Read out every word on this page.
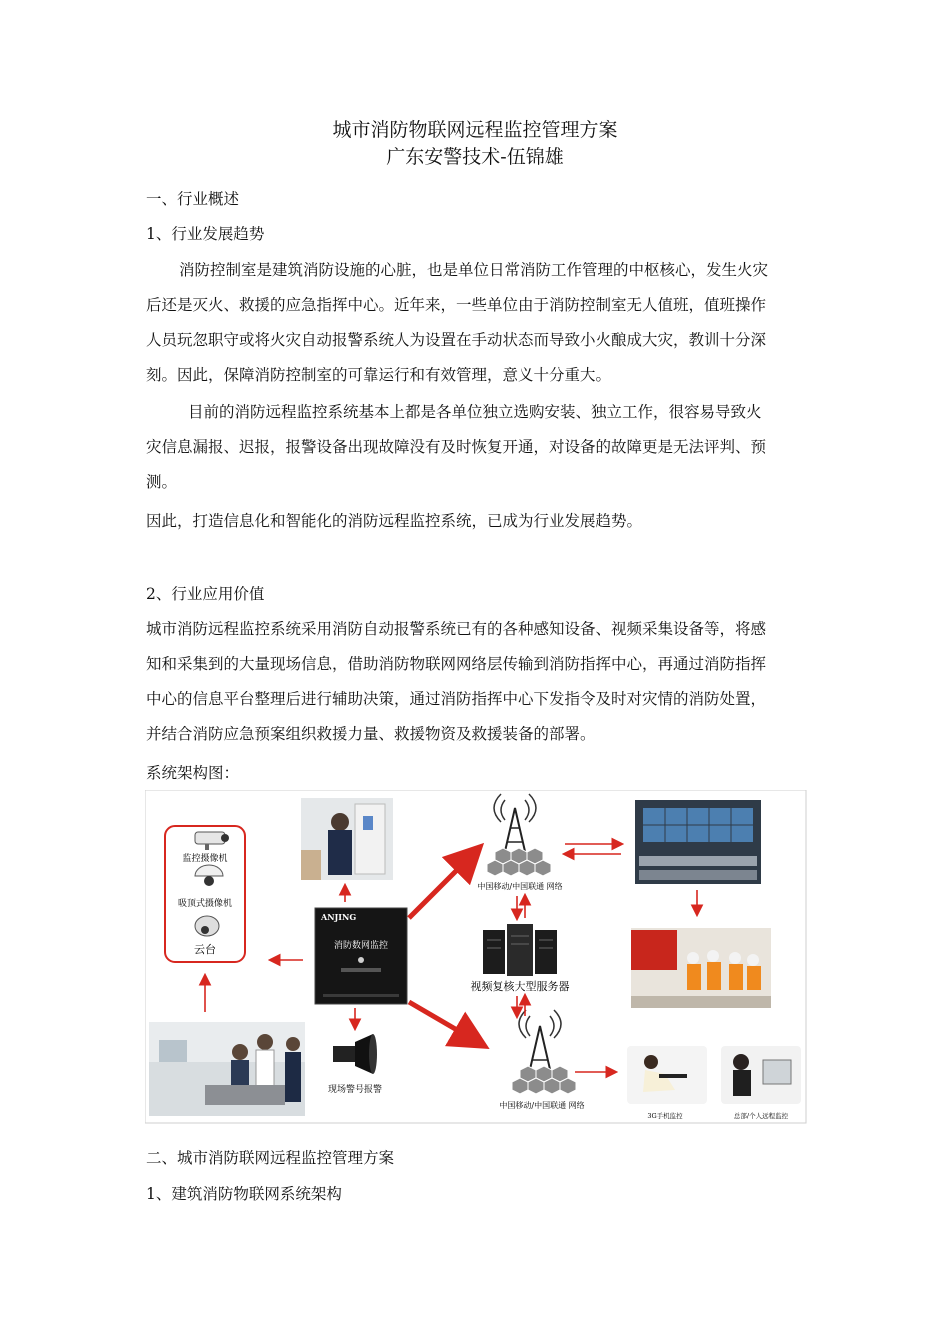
城市消防物联网远程监控管理方案
广东安警技术-伍锦雄
一、行业概述
1、行业发展趋势
消防控制室是建筑消防设施的心脏，也是单位日常消防工作管理的中枢核心，发生火灾
后还是灭火、救援的应急指挥中心。近年来，一些单位由于消防控制室无人值班，值班操作
人员玩忽职守或将火灾自动报警系统人为设置在手动状态而导致小火酿成大灾，教训十分深
刻。因此，保障消防控制室的可靠运行和有效管理，意义十分重大。
目前的消防远程监控系统基本上都是各单位独立选购安装、独立工作，很容易导致火
灾信息漏报、迟报，报警设备出现故障没有及时恢复开通，对设备的故障更是无法评判、预
测。
因此，打造信息化和智能化的消防远程监控系统，已成为行业发展趋势。
2、行业应用价值
城市消防远程监控系统采用消防自动报警系统已有的各种感知设备、视频采集设备等，将感
知和采集到的大量现场信息，借助消防物联网网络层传输到消防指挥中心，再通过消防指挥
中心的信息平台整理后进行辅助决策，通过消防指挥中心下发指令及时对灾情的消防处置，
并结合消防应急预案组织救援力量、救援物资及救援装备的部署。
系统架构图：
监控摄像机
吸顶式摄像机
云台
ANJING
消防数网监控
现场警号报警
中国移动/中国联通 网络
视频复核大型服务器
中国移动/中国联通 网络
3G手机监控	总部/个人远程监控
二、城市消防联网远程监控管理方案
1、建筑消防物联网系统架构
